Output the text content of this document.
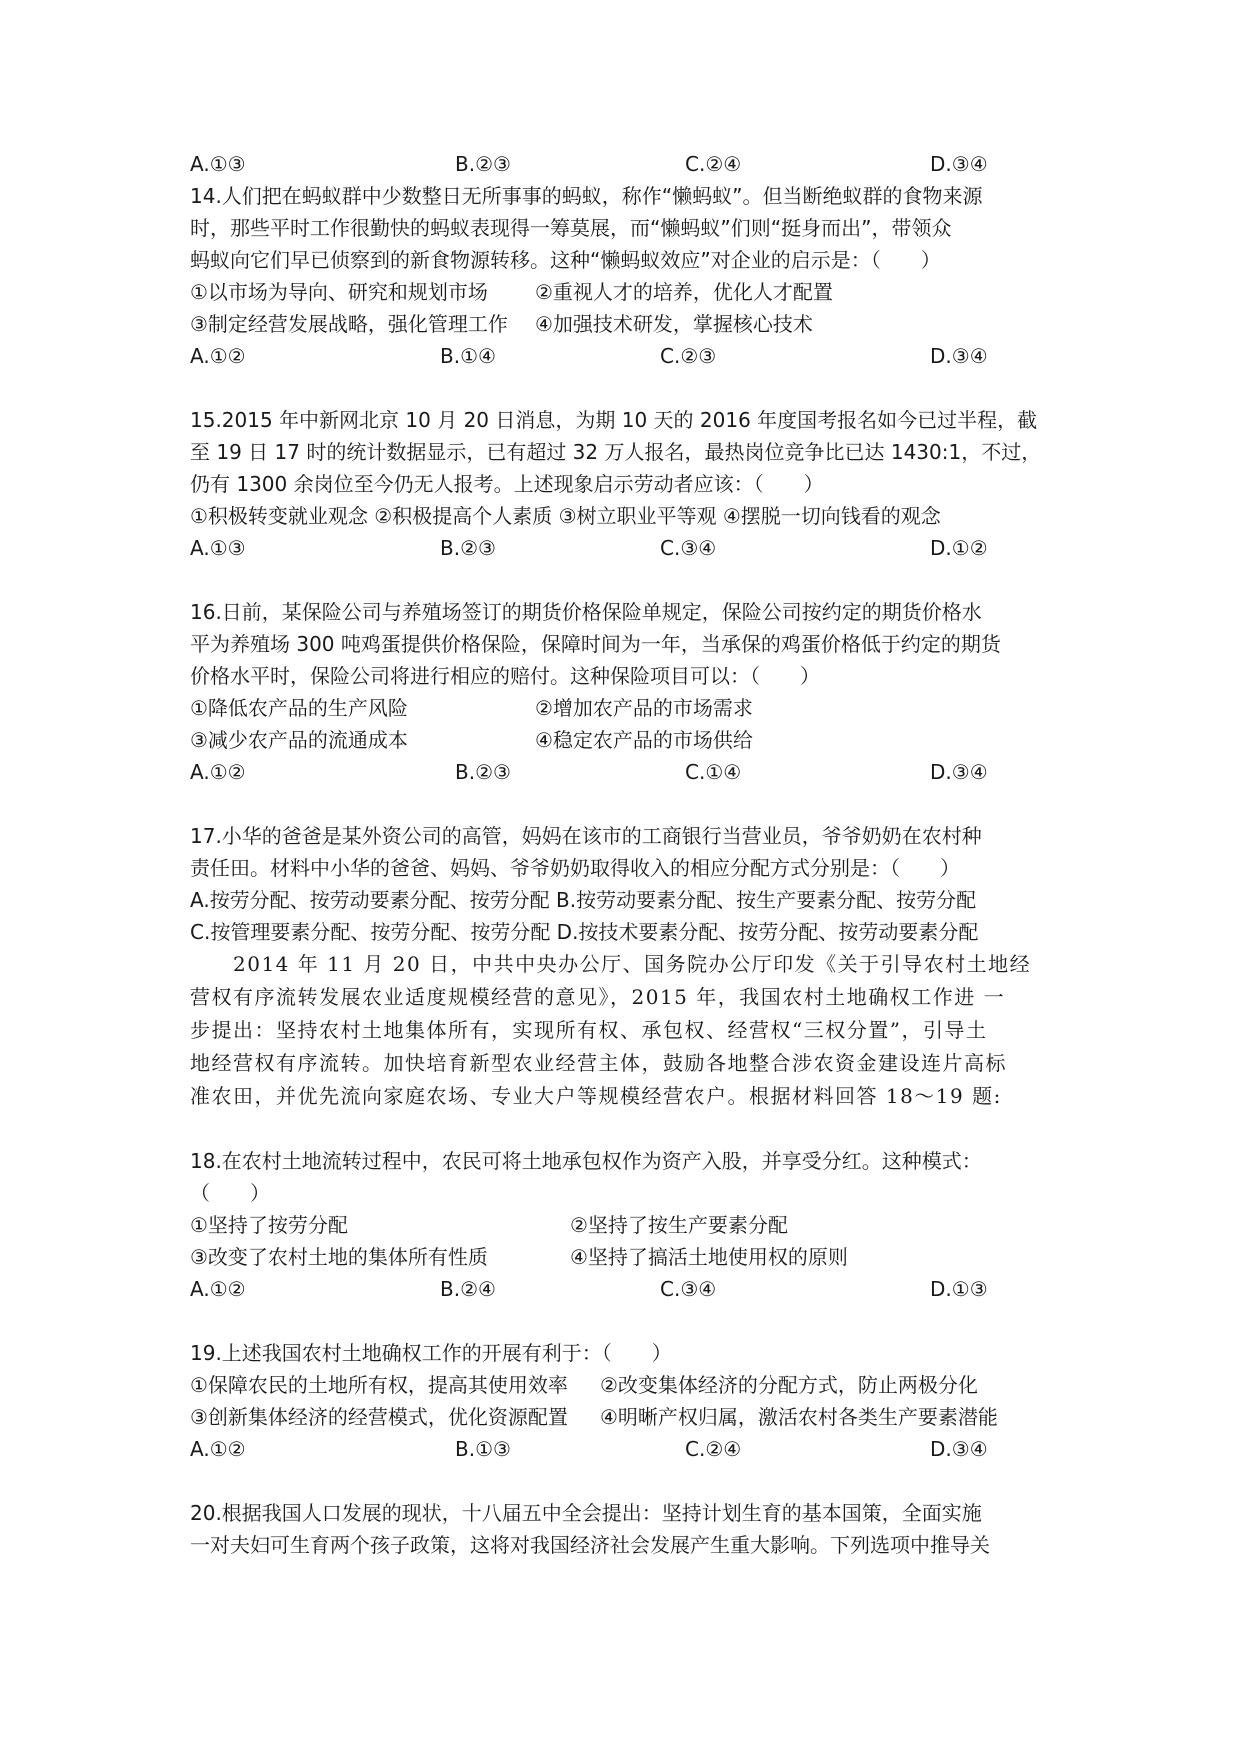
A.①③	B.②③	C.②④	D.③④
14.人们把在蚂蚁群中少数整日无所事事的蚂蚁，称作“懒蚂蚁”。但当断绝蚁群的食物来源
时，那些平时工作很勤快的蚂蚁表现得一筹莫展，而“懒蚂蚁”们则“挺身而出”，带领众
蚂蚁向它们早已侦察到的新食物源转移。这种“懒蚂蚁效应”对企业的启示是：（　　）
①以市场为导向、研究和规划市场 ②重视人才的培养，优化人才配置
③制定经营发展战略，强化管理工作 ④加强技术研发，掌握核心技术
A.①②	B.①④	C.②③	D.③④
15.2015 年中新网北京 10 月 20 日消息，为期 10 天的 2016 年度国考报名如今已过半程，截
至 19 日 17 时的统计数据显示，已有超过 32 万人报名，最热岗位竞争比已达 1430:1，不过，
仍有 1300 余岗位至今仍无人报考。上述现象启示劳动者应该：（　　）
①积极转变就业观念 ②积极提高个人素质 ③树立职业平等观 ④摆脱一切向钱看的观念
A.①③	B.②③	C.③④	D.①②
16.日前，某保险公司与养殖场签订的期货价格保险单规定，保险公司按约定的期货价格水
平为养殖场 300 吨鸡蛋提供价格保险，保障时间为一年，当承保的鸡蛋价格低于约定的期货
价格水平时，保险公司将进行相应的赔付。这种保险项目可以：（　　）
①降低农产品的生产风险	②增加农产品的市场需求
③减少农产品的流通成本	④稳定农产品的市场供给
A.①②	B.②③	C.①④	D.③④
17.小华的爸爸是某外资公司的高管，妈妈在该市的工商银行当营业员，爷爷奶奶在农村种
责任田。材料中小华的爸爸、妈妈、爷爷奶奶取得收入的相应分配方式分别是：（　　）
A.按劳分配、按劳动要素分配、按劳分配 B.按劳动要素分配、按生产要素分配、按劳分配
C.按管理要素分配、按劳分配、按劳分配 D.按技术要素分配、按劳分配、按劳动要素分配
　　2014 年 11 月 20 日，中共中央办公厅、国务院办公厅印发《关于引导农村土地经
营权有序流转发展农业适度规模经营的意见》，2015 年，我国农村土地确权工作进 一
步提出：坚持农村土地集体所有，实现所有权、承包权、经营权“三权分置”，引导土
地经营权有序流转。加快培育新型农业经营主体，鼓励各地整合涉农资金建设连片高标
准农田，并优先流向家庭农场、专业大户等规模经营农户。根据材料回答 18～19 题:
18.在农村土地流转过程中，农民可将土地承包权作为资产入股，并享受分红。这种模式：
（　　）
①坚持了按劳分配	②坚持了按生产要素分配
③改变了农村土地的集体所有性质	④坚持了搞活土地使用权的原则
A.①②	B.②④	C.③④	D.①③
19.上述我国农村土地确权工作的开展有利于：（　　）
①保障农民的土地所有权，提高其使用效率 ②改变集体经济的分配方式，防止两极分化
③创新集体经济的经营模式，优化资源配置 ④明晰产权归属，激活农村各类生产要素潜能
A.①②	B.①③	C.②④	D.③④
20.根据我国人口发展的现状，十八届五中全会提出：坚持计划生育的基本国策，全面实施
一对夫妇可生育两个孩子政策，这将对我国经济社会发展产生重大影响。下列选项中推导关
